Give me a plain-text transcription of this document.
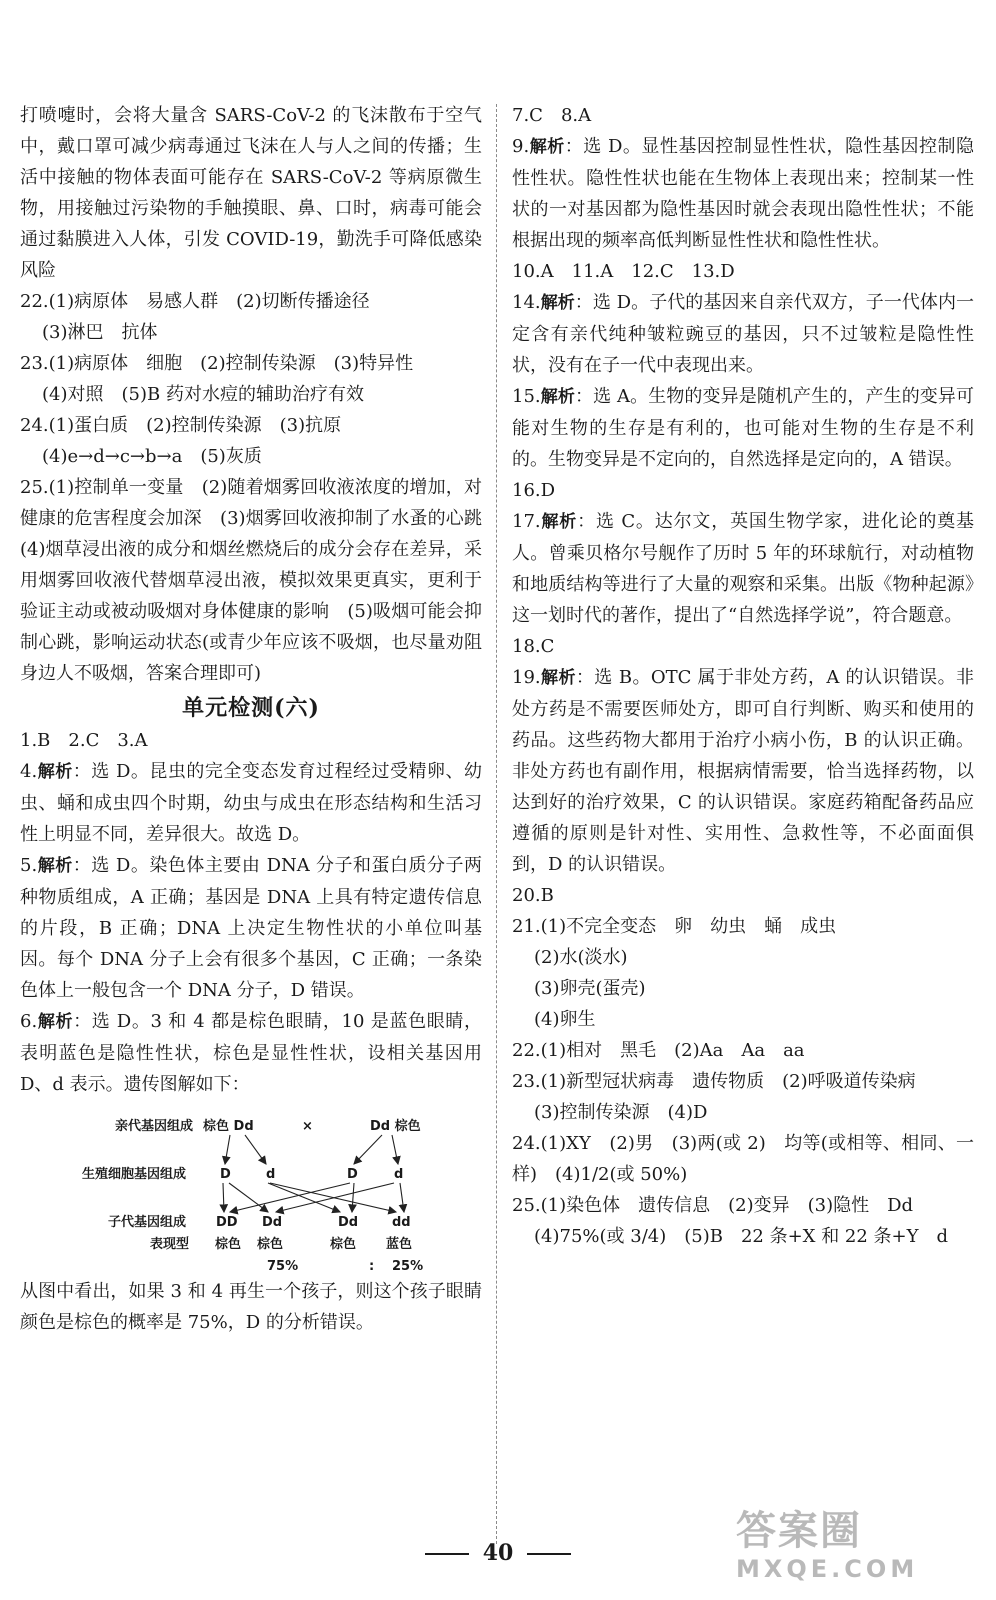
打喷嚏时，会将大量含 SARS-CoV-2 的飞沫散布于空气中，戴口罩可减少病毒通过飞沫在人与人之间的传播；生活中接触的物体表面可能存在 SARS-CoV-2 等病原微生物，用接触过污染物的手触摸眼、鼻、口时，病毒可能会通过黏膜进入人体，引发 COVID-19，勤洗手可降低感染风险

22.(1)病原体　易感人群　(2)切断传播途径

(3)淋巴　抗体

23.(1)病原体　细胞　(2)控制传染源　(3)特异性

(4)对照　(5)B 药对水痘的辅助治疗有效

24.(1)蛋白质　(2)控制传染源　(3)抗原

(4)e→d→c→b→a　(5)灰质

25.(1)控制单一变量　(2)随着烟雾回收液浓度的增加，对健康的危害程度会加深　(3)烟雾回收液抑制了水蚤的心跳　(4)烟草浸出液的成分和烟丝燃烧后的成分会存在差异，采用烟雾回收液代替烟草浸出液，模拟效果更真实，更利于验证主动或被动吸烟对身体健康的影响　(5)吸烟可能会抑制心跳，影响运动状态(或青少年应该不吸烟，也尽量劝阻身边人不吸烟，答案合理即可)

单元检测(六)

1.B　2.C　3.A

4.解析：选 D。昆虫的完全变态发育过程经过受精卵、幼虫、蛹和成虫四个时期，幼虫与成虫在形态结构和生活习性上明显不同，差异很大。故选 D。

5.解析：选 D。染色体主要由 DNA 分子和蛋白质分子两种物质组成，A 正确；基因是 DNA 上具有特定遗传信息的片段，B 正确；DNA 上决定生物性状的小单位叫基因。每个 DNA 分子上会有很多个基因，C 正确；一条染色体上一般包含一个 DNA 分子，D 错误。

6.解析：选 D。3 和 4 都是棕色眼睛，10 是蓝色眼睛，表明蓝色是隐性性状，棕色是显性性状，设相关基因用 D、d 表示。遗传图解如下：

亲代基因组成 棕色 Dd	×	Dd 棕色
生殖细胞基因组成	D	d	D	d
子代基因组成 DD Dd	Dd	dd
表现型 棕色 棕色	棕色 蓝色
75%	: 25%

从图中看出，如果 3 和 4 再生一个孩子，则这个孩子眼睛颜色是棕色的概率是 75%，D 的分析错误。

7.C　8.A

9.解析：选 D。显性基因控制显性性状，隐性基因控制隐性性状。隐性性状也能在生物体上表现出来；控制某一性状的一对基因都为隐性基因时就会表现出隐性性状；不能根据出现的频率高低判断显性性状和隐性性状。

10.A　11.A　12.C　13.D

14.解析：选 D。子代的基因来自亲代双方，子一代体内一定含有亲代纯种皱粒豌豆的基因，只不过皱粒是隐性性状，没有在子一代中表现出来。

15.解析：选 A。生物的变异是随机产生的，产生的变异可能对生物的生存是有利的，也可能对生物的生存是不利的。生物变异是不定向的，自然选择是定向的，A 错误。

16.D

17.解析：选 C。达尔文，英国生物学家，进化论的奠基人。曾乘贝格尔号舰作了历时 5 年的环球航行，对动植物和地质结构等进行了大量的观察和采集。出版《物种起源》这一划时代的著作，提出了“自然选择学说”，符合题意。

18.C

19.解析：选 B。OTC 属于非处方药，A 的认识错误。非处方药是不需要医师处方，即可自行判断、购买和使用的药品。这些药物大都用于治疗小病小伤，B 的认识正确。非处方药也有副作用，根据病情需要，恰当选择药物，以达到好的治疗效果，C 的认识错误。家庭药箱配备药品应遵循的原则是针对性、实用性、急救性等，不必面面俱到，D 的认识错误。

20.B

21.(1)不完全变态　卵　幼虫　蛹　成虫

(2)水(淡水)

(3)卵壳(蛋壳)

(4)卵生

22.(1)相对　黑毛　(2)Aa　Aa　aa

23.(1)新型冠状病毒　遗传物质　(2)呼吸道传染病

(3)控制传染源　(4)D

24.(1)XY　(2)男　(3)两(或 2)　均等(或相等、相同、一样)　(4)1/2(或 50%)

25.(1)染色体　遗传信息　(2)变异　(3)隐性　Dd

(4)75%(或 3/4)　(5)B　22 条+X 和 22 条+Y　d

40	答案圈
MXQE.COM
